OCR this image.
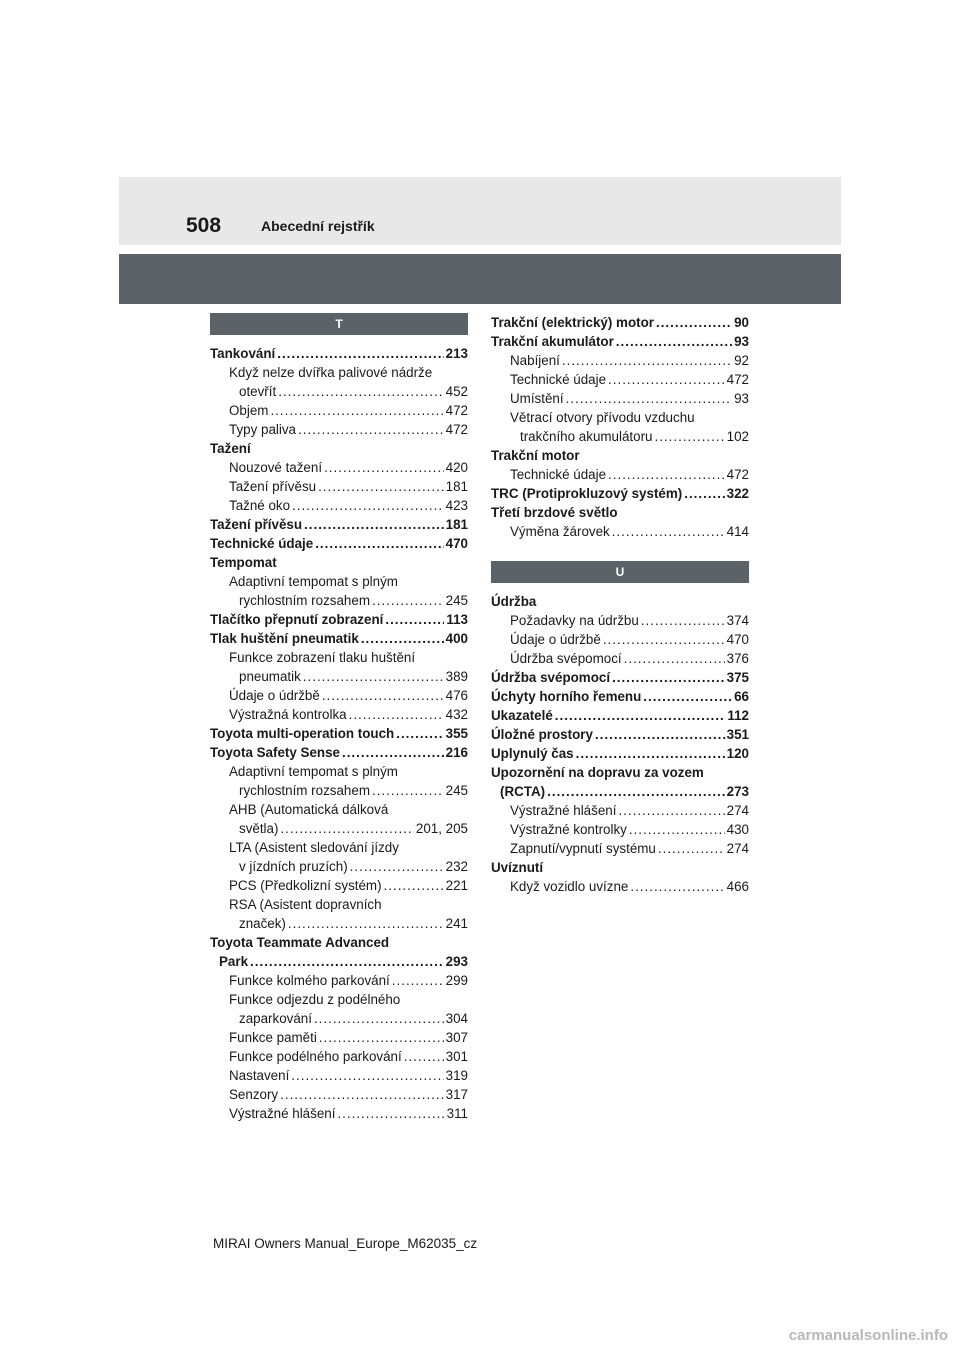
508	Abecední rejstřík
T
Tankování .....	213
Když nelze dvířka palivové nádrže
otevřít .....	452
Objem .....	472
Typy paliva .....	472
Tažení
Nouzové tažení .....	420
Tažení přívěsu .....	181
Tažné oko .....	423
Tažení přívěsu .....	181
Technické údaje .....	470
Tempomat
Adaptivní tempomat s plným
rychlostním rozsahem .....	245
Tlačítko přepnutí zobrazení .....	113
Tlak huštění pneumatik .....	400
Funkce zobrazení tlaku huštění
pneumatik .....	389
Údaje o údržbě .....	476
Výstražná kontrolka .....	432
Toyota multi-operation touch .....	355
Toyota Safety Sense .....	216
Adaptivní tempomat s plným
rychlostním rozsahem .....	245
AHB (Automatická dálková
světla) .....	201, 205
LTA (Asistent sledování jízdy
v jízdních pruzích) .....	232
PCS (Předkolizní systém) .....	221
RSA (Asistent dopravních
značek) .....	241
Toyota Teammate Advanced
Park .....	293
Funkce kolmého parkování .....	299
Funkce odjezdu z podélného
zaparkování .....	304
Funkce paměti .....	307
Funkce podélného parkování .....	301
Nastavení .....	319
Senzory .....	317
Výstražné hlášení .....	311
Trakční (elektrický) motor .....	90
Trakční akumulátor .....	93
Nabíjení .....	92
Technické údaje .....	472
Umístění .....	93
Větrací otvory přívodu vzduchu
trakčního akumulátoru .....	102
Trakční motor
Technické údaje .....	472
TRC (Protiprokluzový systém) .....	322
Třetí brzdové světlo
Výměna žárovek .....	414
U
Údržba
Požadavky na údržbu .....	374
Údaje o údržbě .....	470
Údržba svépomocí .....	376
Údržba svépomocí .....	375
Úchyty horního řemenu .....	66
Ukazatelé .....	112
Úložné prostory .....	351
Uplynulý čas .....	120
Upozornění na dopravu za vozem
(RCTA) .....	273
Výstražné hlášení .....	274
Výstražné kontrolky .....	430
Zapnutí/vypnutí systému .....	274
Uvíznutí
Když vozidlo uvízne .....	466
MIRAI Owners Manual_Europe_M62035_cz
carmanualsonline.info
